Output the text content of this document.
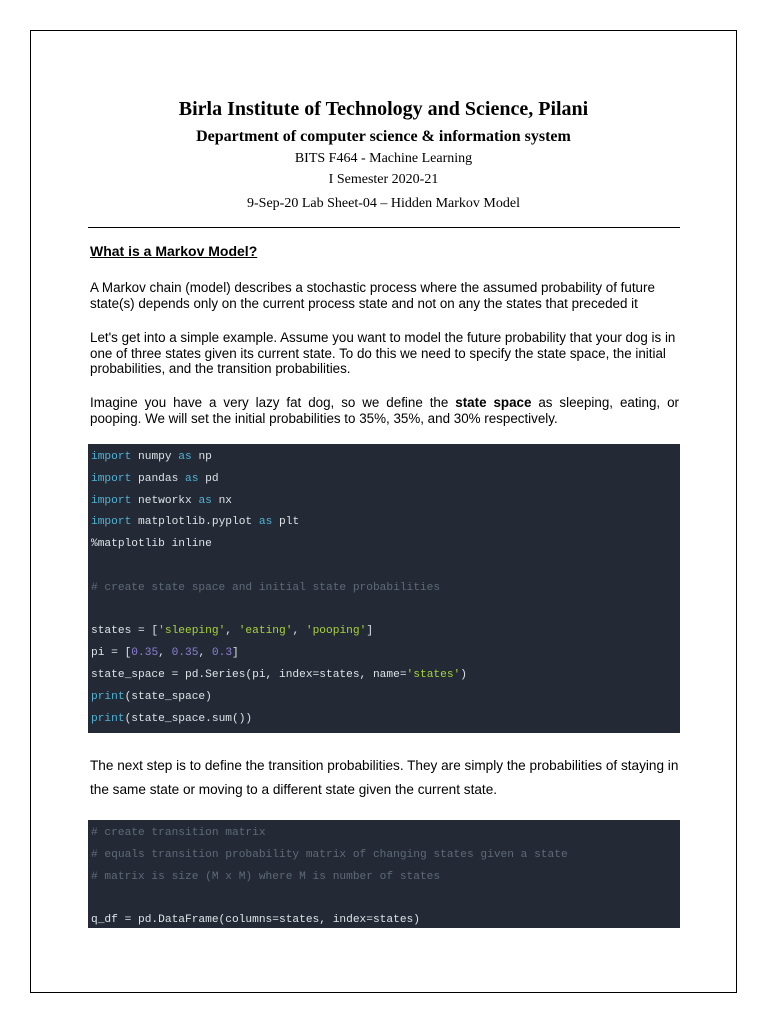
Birla Institute of Technology and Science, Pilani
Department of computer science & information system
BITS F464 - Machine Learning
I Semester 2020-21
9-Sep-20 Lab Sheet-04 – Hidden Markov Model
What is a Markov Model?
A Markov chain (model) describes a stochastic process where the assumed probability of future state(s) depends only on the current process state and not on any the states that preceded it
Let's get into a simple example. Assume you want to model the future probability that your dog is in one of three states given its current state. To do this we need to specify the state space, the initial probabilities, and the transition probabilities.
Imagine you have a very lazy fat dog, so we define the state space as sleeping, eating, or pooping. We will set the initial probabilities to 35%, 35%, and 30% respectively.
import numpy as np
import pandas as pd
import networkx as nx
import matplotlib.pyplot as plt
%matplotlib inline
# create state space and initial state probabilities
states = ['sleeping', 'eating', 'pooping']
pi = [0.35, 0.35, 0.3]
state_space = pd.Series(pi, index=states, name='states')
print(state_space)
print(state_space.sum())
The next step is to define the transition probabilities. They are simply the probabilities of staying in the same state or moving to a different state given the current state.
# create transition matrix
# equals transition probability matrix of changing states given a state
# matrix is size (M x M) where M is number of states
q_df = pd.DataFrame(columns=states, index=states)
